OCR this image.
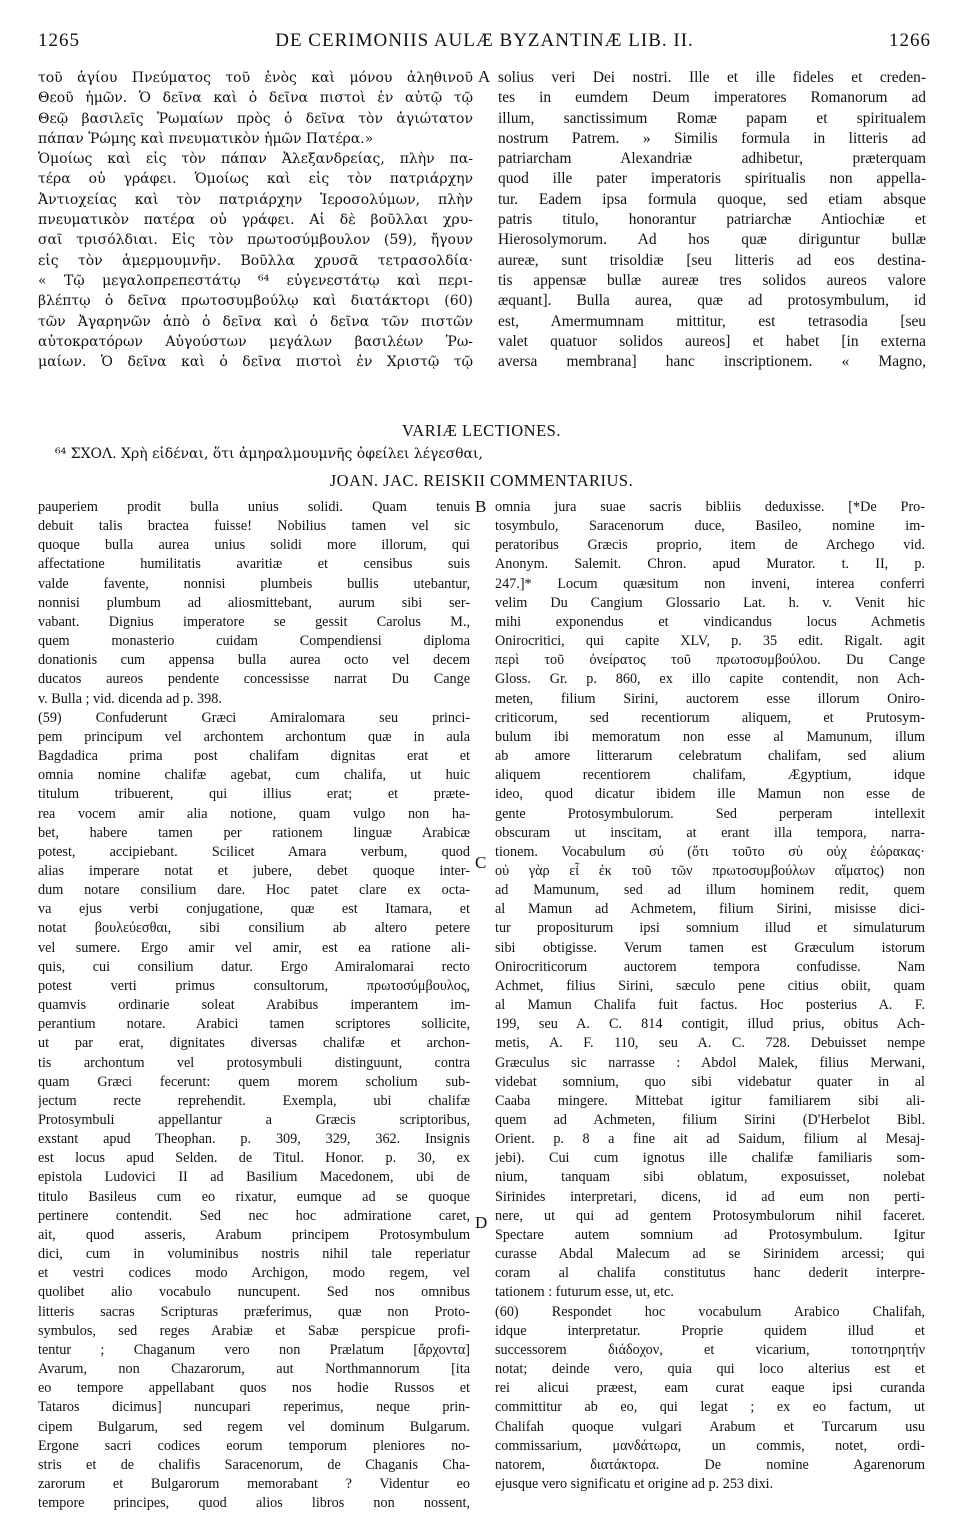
1265	DE CERIMONIIS AULÆ BYZANTINÆ LIB. II.	1266
τοῦ ἁγίου Πνεύματος τοῦ ἑνὸς καὶ μόνου ἀληθινοῦ
Θεοῦ ἡμῶν. Ὁ δεῖνα καὶ ὁ δεῖνα πιστοὶ ἐν αὐτῷ τῷ
Θεῷ βασιλεῖς Ῥωμαίων πρὸς ὁ δεῖνα τὸν ἁγιώτατον
πάπαν Ῥώμης καὶ πνευματικὸν ἡμῶν Πατέρα.»
Ὁμοίως καὶ εἰς τὸν πάπαν Ἀλεξανδρείας, πλὴν πα-
τέρα οὐ γράφει. Ὁμοίως καὶ εἰς τὸν πατριάρχην
Ἀντιοχείας καὶ τὸν πατριάρχην Ἱεροσολύμων, πλὴν
πνευματικὸν πατέρα οὐ γράφει. Αἱ δὲ βοῦλλαι χρυ-
σαῖ τρισόλδιαι. Εἰς τὸν πρωτοσύμβουλον (59), ἤγουν
εἰς τὸν ἀμερμουμνῆν. Βοῦλλα χρυσᾶ τετρασολδία·
« Τῷ μεγαλοπρεπεστάτῳ ⁶⁴ εὐγενεστάτῳ καὶ περι-
βλέπτῳ ὁ δεῖνα πρωτοσυμβούλῳ καὶ διατάκτορι (60)
τῶν Ἀγαρηνῶν ἀπὸ ὁ δεῖνα καὶ ὁ δεῖνα τῶν πιστῶν
αὐτοκρατόρων Αὐγούστων μεγάλων βασιλέων Ῥω-
μαίων. Ὁ δεῖνα καὶ ὁ δεῖνα πιστοὶ ἐν Χριστῷ τῷ
A solius veri Dei nostri. Ille et ille fideles et creden-
tes in eumdem Deum imperatores Romanorum ad
illum, sanctissimum Romæ papam et spiritualem
nostrum Patrem. » Similis formula in litteris ad
patriarcham Alexandriæ adhibetur, præterquam
quod ille pater imperatoris spiritualis non appella-
tur. Eadem ipsa formula quoque, sed etiam absque
patris titulo, honorantur patriarchæ Antiochiæ et
Hierosolymorum. Ad hos quæ diriguntur bullæ
aureæ, sunt trisoldiæ [seu litteris ad eos destina-
tis appensæ bullæ aureæ tres solidos aureos valore
æquant]. Bulla aurea, quæ ad protosymbulum, id
est, Amermumnam mittitur, est tetrasodia [seu
valet quatuor solidos aureos] et habet [in externa
aversa membrana] hanc inscriptionem. « Magno,
VARIÆ LECTIONES.
⁶⁴ ΣΧΟΛ. Χρὴ εἰδέναι, ὅτι ἀμηραλμουμνῆς ὀφείλει λέγεσθαι,
JOAN. JAC. REISKII COMMENTARIUS.
pauperiem prodit bulla unius solidi. Quam tenuis
debuit talis bractea fuisse! Nobilius tamen vel sic
quoque bulla aurea unius solidi more illorum, qui
affectatione humilitatis avaritiæ et censibus suis
valde favente, nonnisi plumbeis bullis utebantur,
nonnisi plumbum ad aliosmittebant, aurum sibi ser-
vabant. Dignius imperatore se gessit Carolus M.,
quem monasterio cuidam Compendiensi diploma
donationis cum appensa bulla aurea octo vel decem
ducatos aureos pendente concessisse narrat Du Cange
v. Bulla ; vid. dicenda ad p. 398.
(59) Confuderunt Græci Amiralomara seu princi-
pem principum vel archontem archontum quæ in aula
Bagdadica prima post chalifam dignitas erat et
omnia nomine chalifæ agebat, cum chalifa, ut huic
titulum tribuerent, qui illius erat; et præte-
rea vocem amir alia notione, quam vulgo non ha-
bet, habere tamen per rationem linguæ Arabicæ
potest, accipiebant. Scilicet Amara verbum, quod
alias imperare notat et jubere, debet quoque inter-
dum notare consilium dare. Hoc patet clare ex octa-
va ejus verbi conjugatione, quæ est Itamara, et
notat βουλεύεσθαι, sibi consilium ab altero petere
vel sumere. Ergo amir vel amir, est ea ratione ali-
quis, cui consilium datur. Ergo Amiralomarai recto
potest verti primus consultorum, πρωτοσύμβουλος,
quamvis ordinarie soleat Arabibus imperantem im-
perantium notare. Arabici tamen scriptores sollicite,
ut par erat, dignitates diversas chalifæ et archon-
tis archontum vel protosymbuli distinguunt, contra
quam Græci fecerunt: quem morem scholium sub-
jectum recte reprehendit. Exempla, ubi chalifæ
Protosymbuli appellantur a Græcis scriptoribus,
exstant apud Theophan. p. 309, 329, 362. Insignis
est locus apud Selden. de Titul. Honor. p. 30, ex
epistola Ludovici II ad Basilium Macedonem, ubi de
titulo Basileus cum eo rixatur, eumque ad se quoque
pertinere contendit. Sed nec hoc admiratione caret,
ait, quod asseris, Arabum principem Protosymbulum
dici, cum in voluminibus nostris nihil tale reperiatur
et vestri codices modo Archigon, modo regem, vel
quolibet alio vocabulo nuncupent. Sed nos omnibus
litteris sacras Scripturas præferimus, quæ non Proto-
symbulos, sed reges Arabiæ et Sabæ perspicue profi-
tentur ; Chaganum vero non Prælatum [ἄρχοντα]
Avarum, non Chazarorum, aut Northmannorum [ita
eo tempore appellabant quos nos hodie Russos et
Tataros dicimus] nuncupari reperimus, neque prin-
cipem Bulgarum, sed regem vel dominum Bulgarum.
Ergone sacri codices eorum temporum pleniores no-
stris et de chalifis Saracenorum, de Chaganis Cha-
zarorum et Bulgarorum memorabant ? Videntur eo
tempore principes, quod alios libros non nossent,
B
C
D
omnia jura suae sacris bibliis deduxisse. [*De Pro-
tosymbulo, Saracenorum duce, Basileo, nomine im-
peratoribus Græcis proprio, item de Archego vid.
Anonym. Salemit. Chron. apud Murator. t. II, p.
247.]* Locum quæsitum non inveni, interea conferri
velim Du Cangium Glossario Lat. h. v. Venit hic
mihi exponendus et vindicandus locus Achmetis
Onirocritici, qui capite XLV, p. 35 edit. Rigalt. agit
περὶ τοῦ ὀνείρατος τοῦ πρωτοσυμβούλου. Du Cange
Gloss. Gr. p. 860, ex illo capite contendit, non Ach-
meten, filium Sirini, auctorem esse illorum Oniro-
criticorum, sed recentiorum aliquem, et Prutosym-
bulum ibi memoratum non esse al Mamunum, illum
ab amore litterarum celebratum chalifam, sed alium
aliquem recentiorem chalifam, Ægyptium, idque
ideo, quod dicatur ibidem ille Mamun non esse de
gente Protosymbulorum. Sed perperam intellexit
obscuram ut inscitam, at erant illa tempora, narra-
tionem. Vocabulum σύ (ὅτι τοῦτο σὺ οὐχ ἑώρακας·
οὐ γὰρ εἶ ἐκ τοῦ τῶν πρωτοσυμβούλων αἵματος) non
ad Mamunum, sed ad illum hominem redit, quem
al Mamun ad Achmetem, filium Sirini, misisse dici-
tur propositurum ipsi somnium illud et simulaturum
sibi obtigisse. Verum tamen est Græculum istorum
Onirocriticorum auctorem tempora confudisse. Nam
Achmet, filius Sirini, sæculo pene citius obiit, quam
al Mamun Chalifa fuit factus. Hoc posterius A. F.
199, seu A. C. 814 contigit, illud prius, obitus Ach-
metis, A. F. 110, seu A. C. 728. Debuisset nempe
Græculus sic narrasse : Abdol Malek, filius Merwani,
videbat somnium, quo sibi videbatur quater in al
Caaba mingere. Mittebat igitur familiarem sibi ali-
quem ad Achmeten, filium Sirini (D'Herbelot Bibl.
Orient. p. 8 a fine ait ad Saidum, filium al Mesaj-
jebi). Cui cum ignotus ille chalifæ familiaris som-
nium, tanquam sibi oblatum, exposuisset, nolebat
Sirinides interpretari, dicens, id ad eum non perti-
nere, ut qui ad gentem Protosymbulorum nihil faceret.
Spectare autem somnium ad Protosymbulum. Igitur
curasse Abdal Malecum ad se Sirinidem arcessi; qui
coram al chalifa constitutus hanc dederit interpre-
tationem : futurum esse, ut, etc.
(60) Respondet hoc vocabulum Arabico Chalifah,
idque interpretatur. Proprie quidem illud et
successorem διάδοχον, et vicarium, τοποτηρητήν
notat; deinde vero, quia qui loco alterius est et
rei alicui præest, eam curat eaque ipsi curanda
committitur ab eo, qui legat ; ex eo factum, ut
Chalifah quoque vulgari Arabum et Turcarum usu
commissarium, μανδάτωρα, un commis, notet, ordi-
natorem, διατάκτορα. De nomine Agarenorum
ejusque vero significatu et origine ad p. 253 dixi.
